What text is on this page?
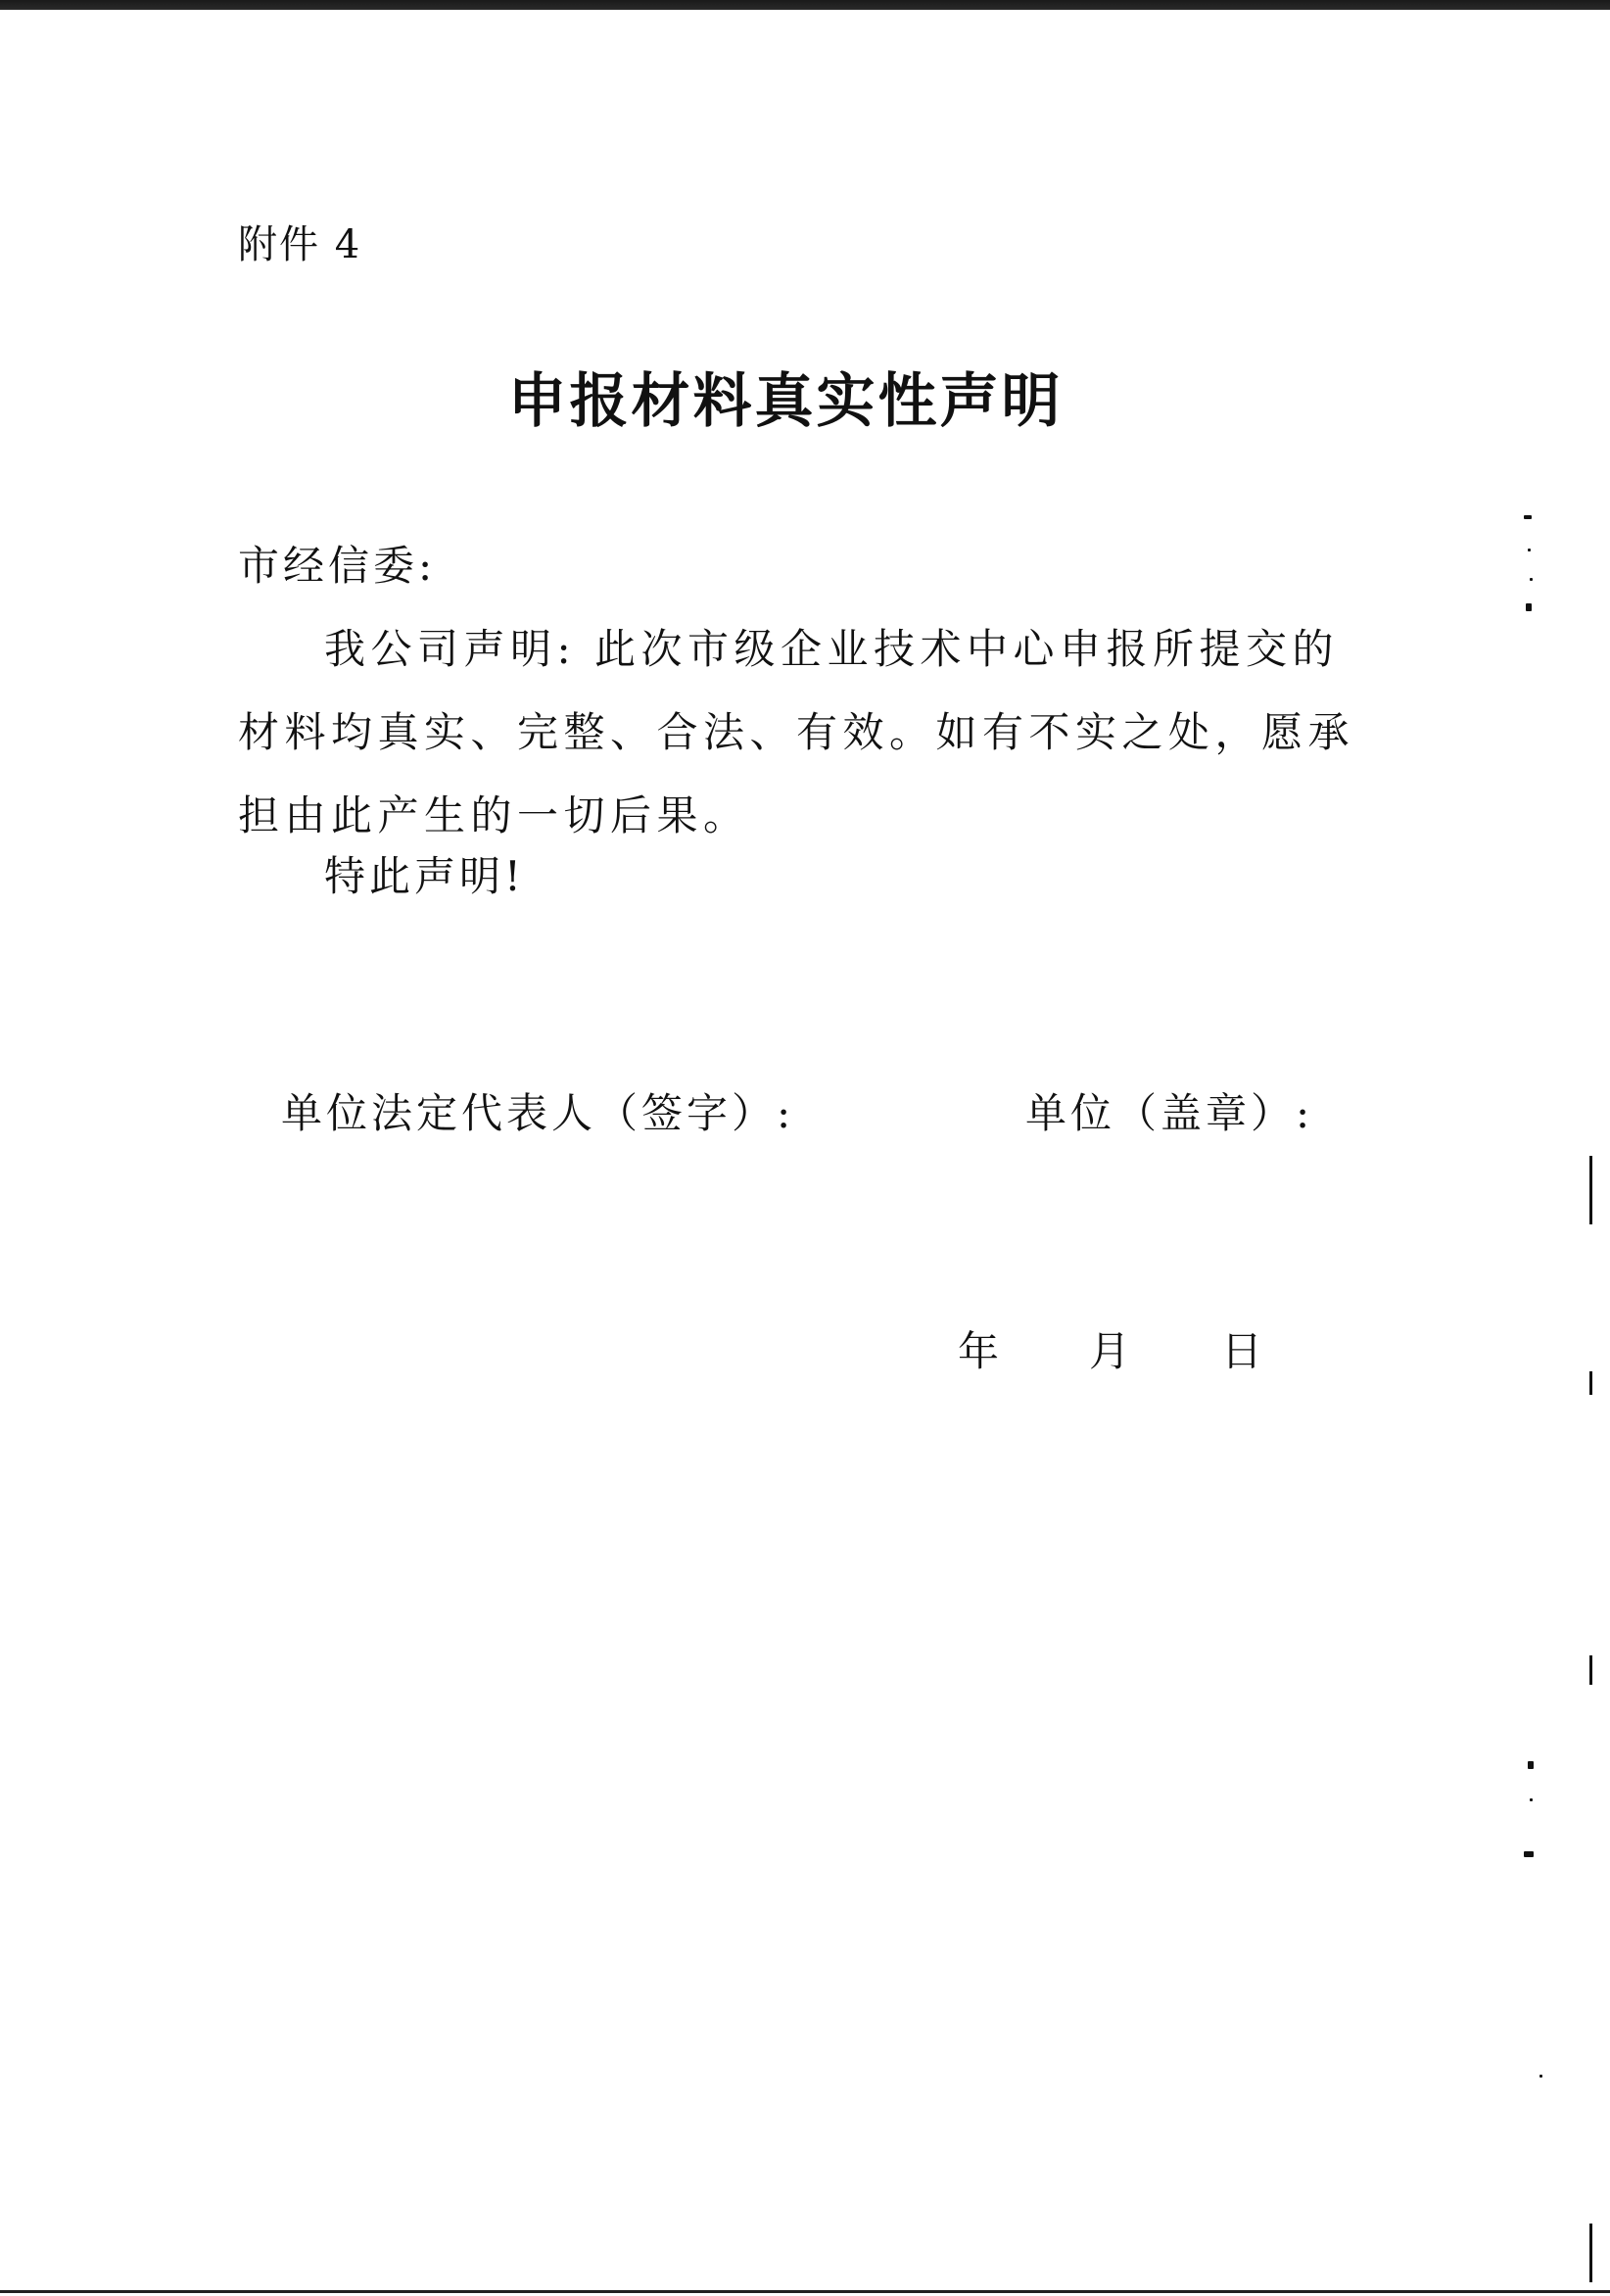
附件 4
申报材料真实性声明
市经信委:
我公司声明: 此次市级企业技术中心申报所提交的材料均真实、完整、合法、有效。如有不实之处，愿承担由此产生的一切后果。
特此声明!
单位法定代表人（签字）:	单位（盖章）:
年 月 日
